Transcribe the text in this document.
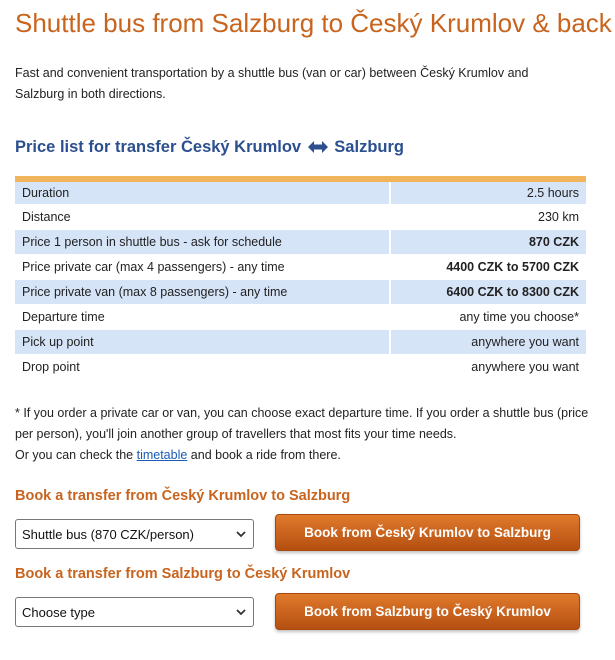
Shuttle bus from Salzburg to Český Krumlov & back

Fast and convenient transportation by a shuttle bus (van or car) between Český Krumlov and Salzburg in both directions.

Price list for transfer Český Krumlov Salzburg
Duration	2.5 hours
Distance	230 km
Price 1 person in shuttle bus - ask for schedule	870 CZK
Price private car (max 4 passengers) - any time	4400 CZK to 5700 CZK
Price private van (max 8 passengers) - any time	6400 CZK to 8300 CZK
Departure time	any time you choose*
Pick up point	anywhere you want
Drop point	anywhere you want
* If you order a private car or van, you can choose exact departure time. If you order a shuttle bus (price per person), you'll join another group of travellers that most fits your time needs.
Or you can check the timetable and book a ride from there.
Book a transfer from Český Krumlov to Salzburg
Shuttle bus (870 CZK/person)	Book from Český Krumlov to Salzburg
Book a transfer from Salzburg to Český Krumlov
Choose type	Book from Salzburg to Český Krumlov
